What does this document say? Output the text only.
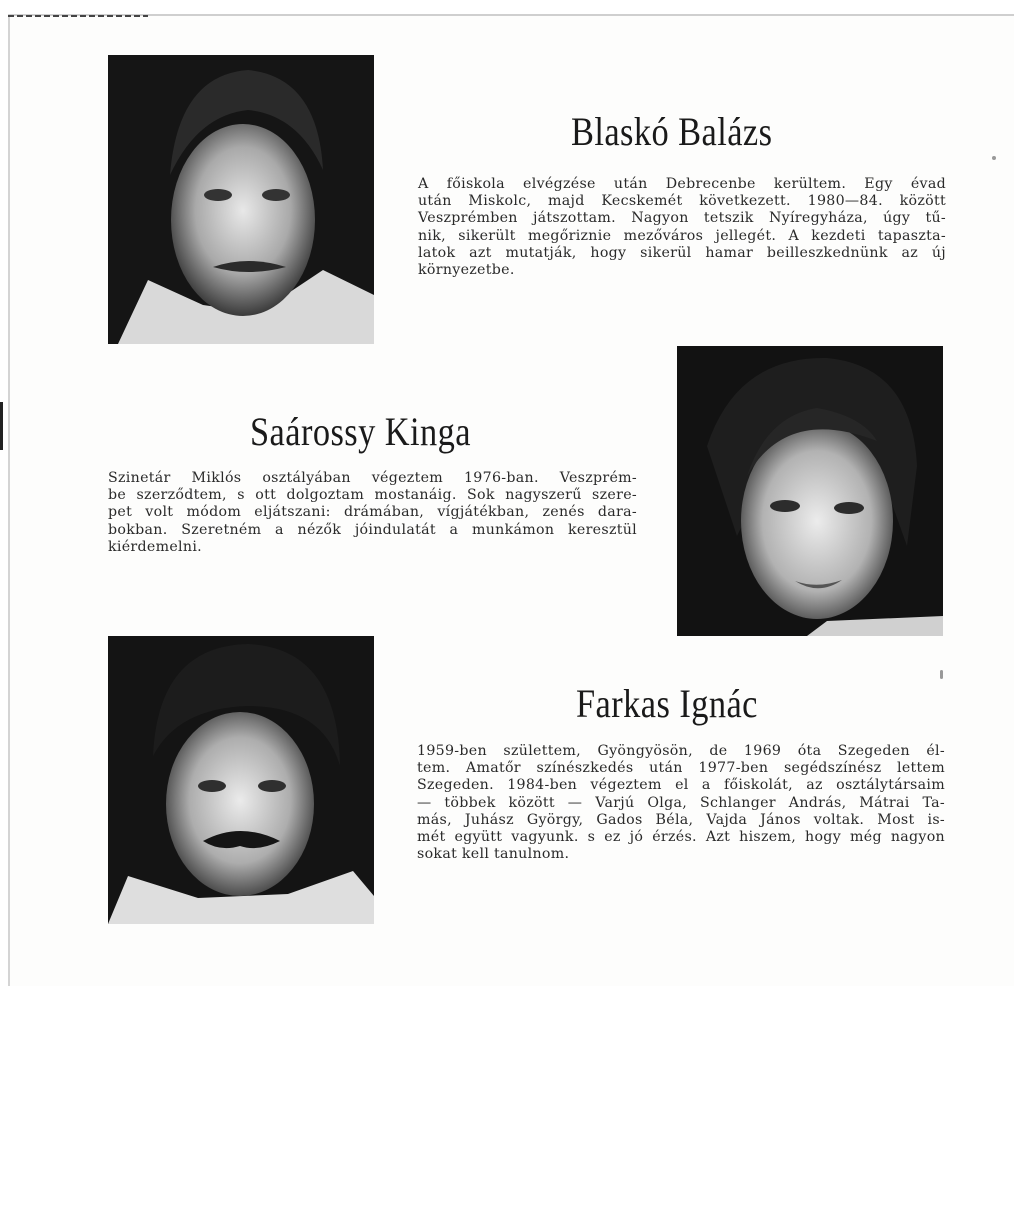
Blaskó Balázs

A főiskola elvégzése után Debrecenbe kerültem. Egy évad
után Miskolc, majd Kecskemét következett. 1980—84. között
Veszprémben játszottam. Nagyon tetszik Nyíregyháza, úgy tű-
nik, sikerült megőriznie mezőváros jellegét. A kezdeti tapaszta-
latok azt mutatják, hogy sikerül hamar beilleszkednünk az új
környezetbe.

Saárossy Kinga

Szinetár Miklós osztályában végeztem 1976-ban. Veszprém-
be szerződtem, s ott dolgoztam mostanáig. Sok nagyszerű szere-
pet volt módom eljátszani: drámában, vígjátékban, zenés dara-
bokban. Szeretném a nézők jóindulatát a munkámon keresztül
kiérdemelni.

Farkas Ignác

1959-ben születtem, Gyöngyösön, de 1969 óta Szegeden él-
tem. Amatőr színészkedés után 1977-ben segédszínész lettem
Szegeden. 1984-ben végeztem el a főiskolát, az osztálytársaim
— többek között — Varjú Olga, Schlanger András, Mátrai Ta-
más, Juhász György, Gados Béla, Vajda János voltak. Most is-
mét együtt vagyunk. s ez jó érzés. Azt hiszem, hogy még nagyon
sokat kell tanulnom.
